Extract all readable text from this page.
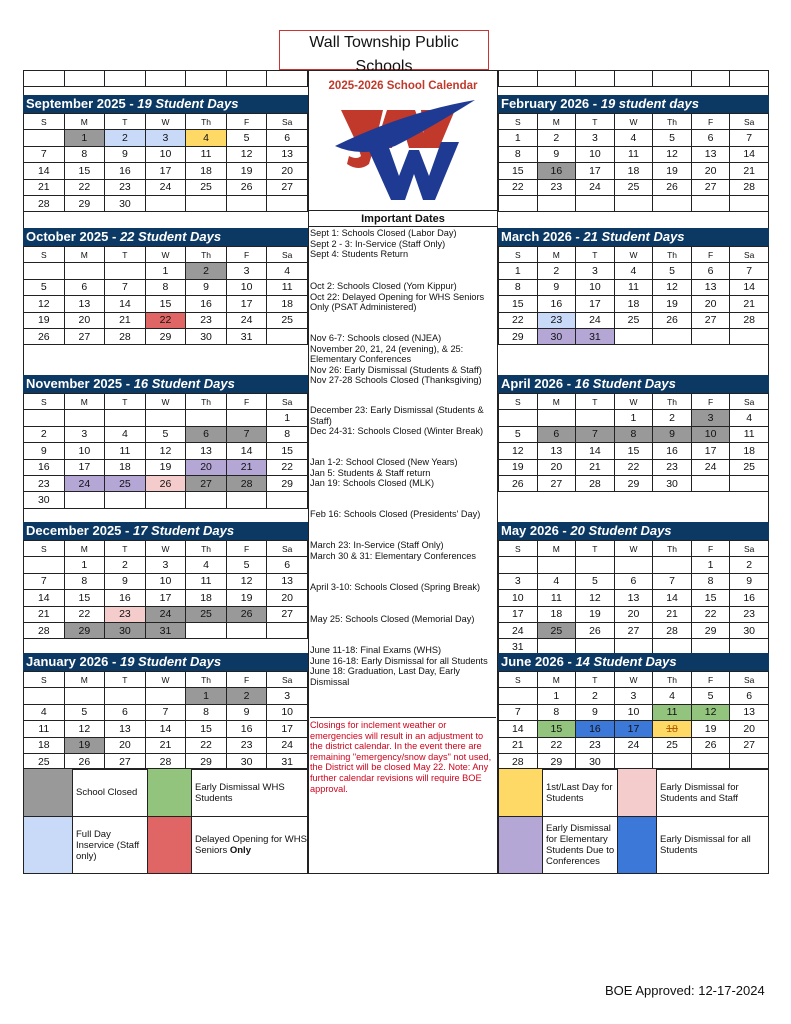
Wall Township Public Schools

September 2025 - 19 Student Days
S	M	T	W	Th	F	Sa
	1	2	3	4	5	6
7	8	9	10	11	12	13
14	15	16	17	18	19	20
21	22	23	24	25	26	27
28	29	30				
October 2025 - 22 Student Days
S	M	T	W	Th	F	Sa
			1	2	3	4
5	6	7	8	9	10	11
12	13	14	15	16	17	18
19	20	21	22	23	24	25
26	27	28	29	30	31	
November 2025 - 16 Student Days
S	M	T	W	Th	F	Sa
						1
2	3	4	5	6	7	8
9	10	11	12	13	14	15
16	17	18	19	20	21	22
23	24	25	26	27	28	29
30						
December 2025 - 17 Student Days
S	M	T	W	Th	F	Sa
	1	2	3	4	5	6
7	8	9	10	11	12	13
14	15	16	17	18	19	20
21	22	23	24	25	26	27
28	29	30	31			
January 2026 - 19 Student Days
S	M	T	W	Th	F	Sa
				1	2	3
4	5	6	7	8	9	10
11	12	13	14	15	16	17
18	19	20	21	22	23	24
25	26	27	28	29	30	31
February 2026 - 19 student days
S	M	T	W	Th	F	Sa
1	2	3	4	5	6	7
8	9	10	11	12	13	14
15	16	17	18	19	20	21
22	23	24	25	26	27	28

March 2026 - 21 Student Days
S	M	T	W	Th	F	Sa
1	2	3	4	5	6	7
8	9	10	11	12	13	14
15	16	17	18	19	20	21
22	23	24	25	26	27	28
29	30	31				
April 2026 - 16 Student Days
S	M	T	W	Th	F	Sa
			1	2	3	4
5	6	7	8	9	10	11
12	13	14	15	16	17	18
19	20	21	22	23	24	25
26	27	28	29	30		
May 2026 - 20 Student Days
S	M	T	W	Th	F	Sa
					1	2
3	4	5	6	7	8	9
10	11	12	13	14	15	16
17	18	19	20	21	22	23
24	25	26	27	28	29	30
31						
June 2026 - 14 Student Days
S	M	T	W	Th	F	Sa
	1	2	3	4	5	6
7	8	9	10	11	12	13
14	15	16	17	18	19	20
21	22	23	24	25	26	27
28	29	30				
2025-2026 School Calendar
Important Dates
Sept 1: Schools Closed (Labor Day)
Sept 2 - 3: In-Service (Staff Only)
Sept 4: Students Return
Oct 2: Schools Closed (Yom Kippur)
Oct 22: Delayed Opening for WHS Seniors Only (PSAT Administered)
Nov 6-7: Schools closed (NJEA)
November 20, 21, 24 (evening), & 25: Elementary Conferences
Nov 26: Early Dismissal (Students & Staff)
Nov 27-28 Schools Closed (Thanksgiving)
December 23: Early Dismissal (Students & Staff)
Dec 24-31: Schools Closed (Winter Break)
Jan 1-2: School Closed (New Years)
Jan 5: Students & Staff return
Jan 19: Schools Closed (MLK)
Feb 16: Schools Closed (Presidents' Day)
March 23: In-Service (Staff Only)
March 30 & 31: Elementary Conferences
April 3-10: Schools Closed (Spring Break)
May 25: Schools Closed (Memorial Day)
June 11-18: Final Exams (WHS)
June 16-18: Early Dismissal for all Students
June 18: Graduation, Last Day, Early Dismissal
Closings for inclement weather or emergencies will result in an adjustment to the district calendar. In the event there are remaining "emergency/snow days" not used, the District will be closed May 22. Note: Any further calendar revisions will require BOE approval.
School Closed	Early Dismissal WHS Students
Full Day Inservice (Staff only)
Delayed Opening for WHS Seniors Only
1st/Last Day for Students
Early Dismissal for Students and Staff
Early Dismissal for Elementary Students Due to Conferences
Early Dismissal for all Students
BOE Approved: 12-17-2024
